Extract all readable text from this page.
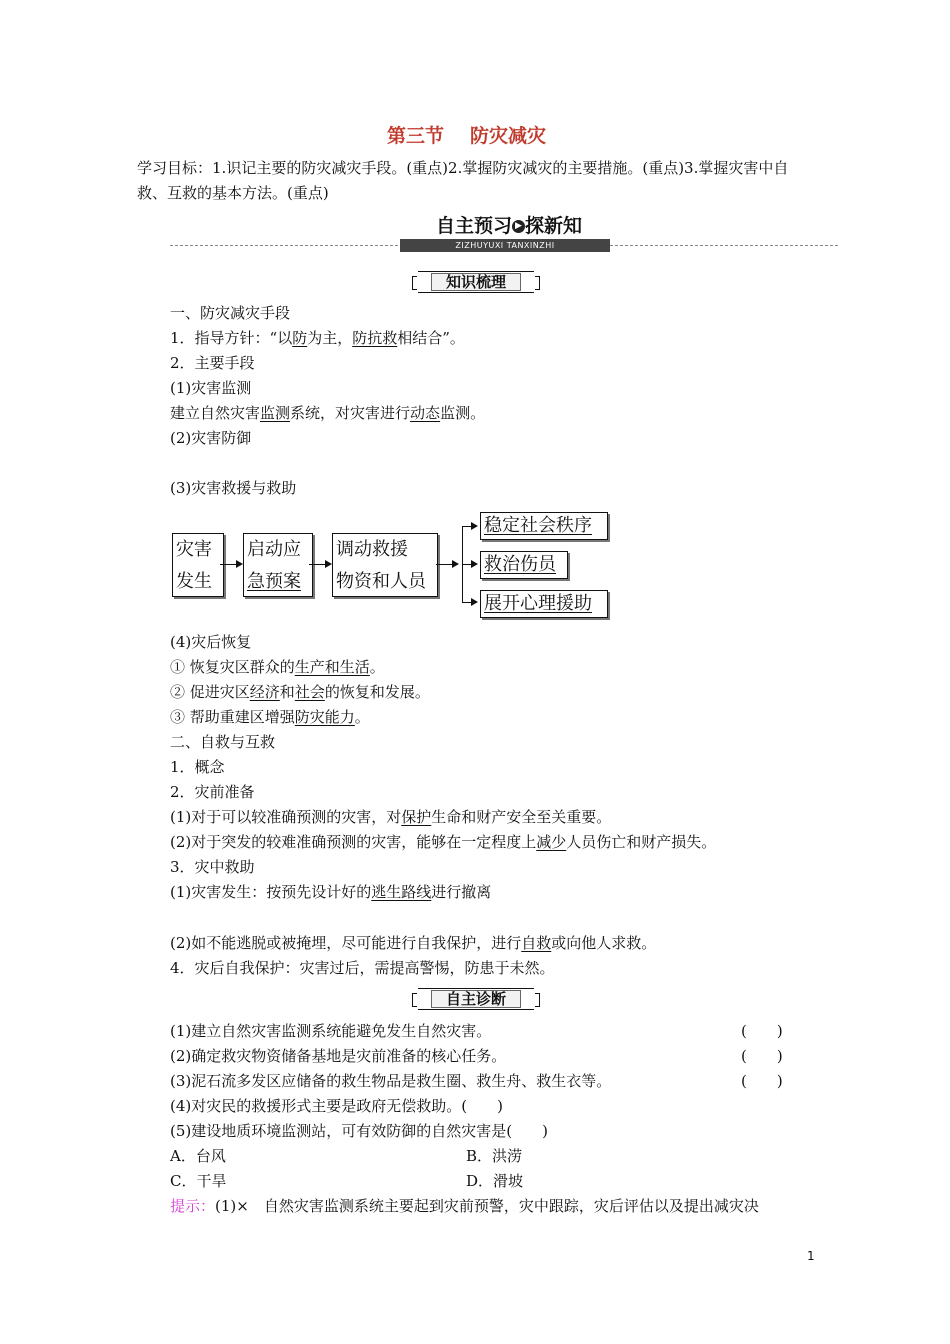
第三节 防灾减灾
学习目标：1.识记主要的防灾减灾手段。(重点)2.掌握防灾减灾的主要措施。(重点)3.掌握灾害中自救、互救的基本方法。(重点)
自主预习 ▶ 探新知
ZIZHUYUXI TANXINZHI
知识梳理
一、防灾减灾手段
1．指导方针：“以防为主，防抗救相结合”。
2．主要手段
(1)灾害监测
建立自然灾害监测系统，对灾害进行动态监测。
(2)灾害防御
(3)灾害救援与救助
灾害
发生
启动应
急预案
调动救援
物资和人员
稳定社会秩序
救治伤员
展开心理援助
(4)灾后恢复
① 恢复灾区群众的生产和生活。
② 促进灾区经济和社会的恢复和发展。
③ 帮助重建区增强防灾能力。
二、自救与互救
1．概念
2．灾前准备
(1)对于可以较准确预测的灾害，对保护生命和财产安全至关重要。
(2)对于突发的较难准确预测的灾害，能够在一定程度上减少人员伤亡和财产损失。
3．灾中救助
(1)灾害发生：按预先设计好的逃生路线进行撤离
(2)如不能逃脱或被掩埋，尽可能进行自我保护，进行自救或向他人求救。
4．灾后自我保护：灾害过后，需提高警惕，防患于未然。
自主诊断
(1)建立自然灾害监测系统能避免发生自然灾害。	(　　)
(2)确定救灾物资储备基地是灾前准备的核心任务。	(　　)
(3)泥石流多发区应储备的救生物品是救生圈、救生舟、救生衣等。	(　　)
(4)对灾民的救援形式主要是政府无偿救助。(　　)
(5)建设地质环境监测站，可有效防御的自然灾害是(　　)
A．台风	B．洪涝
C．干旱	D．滑坡
提示：(1)×　自然灾害监测系统主要起到灾前预警，灾中跟踪，灾后评估以及提出减灾决
1
